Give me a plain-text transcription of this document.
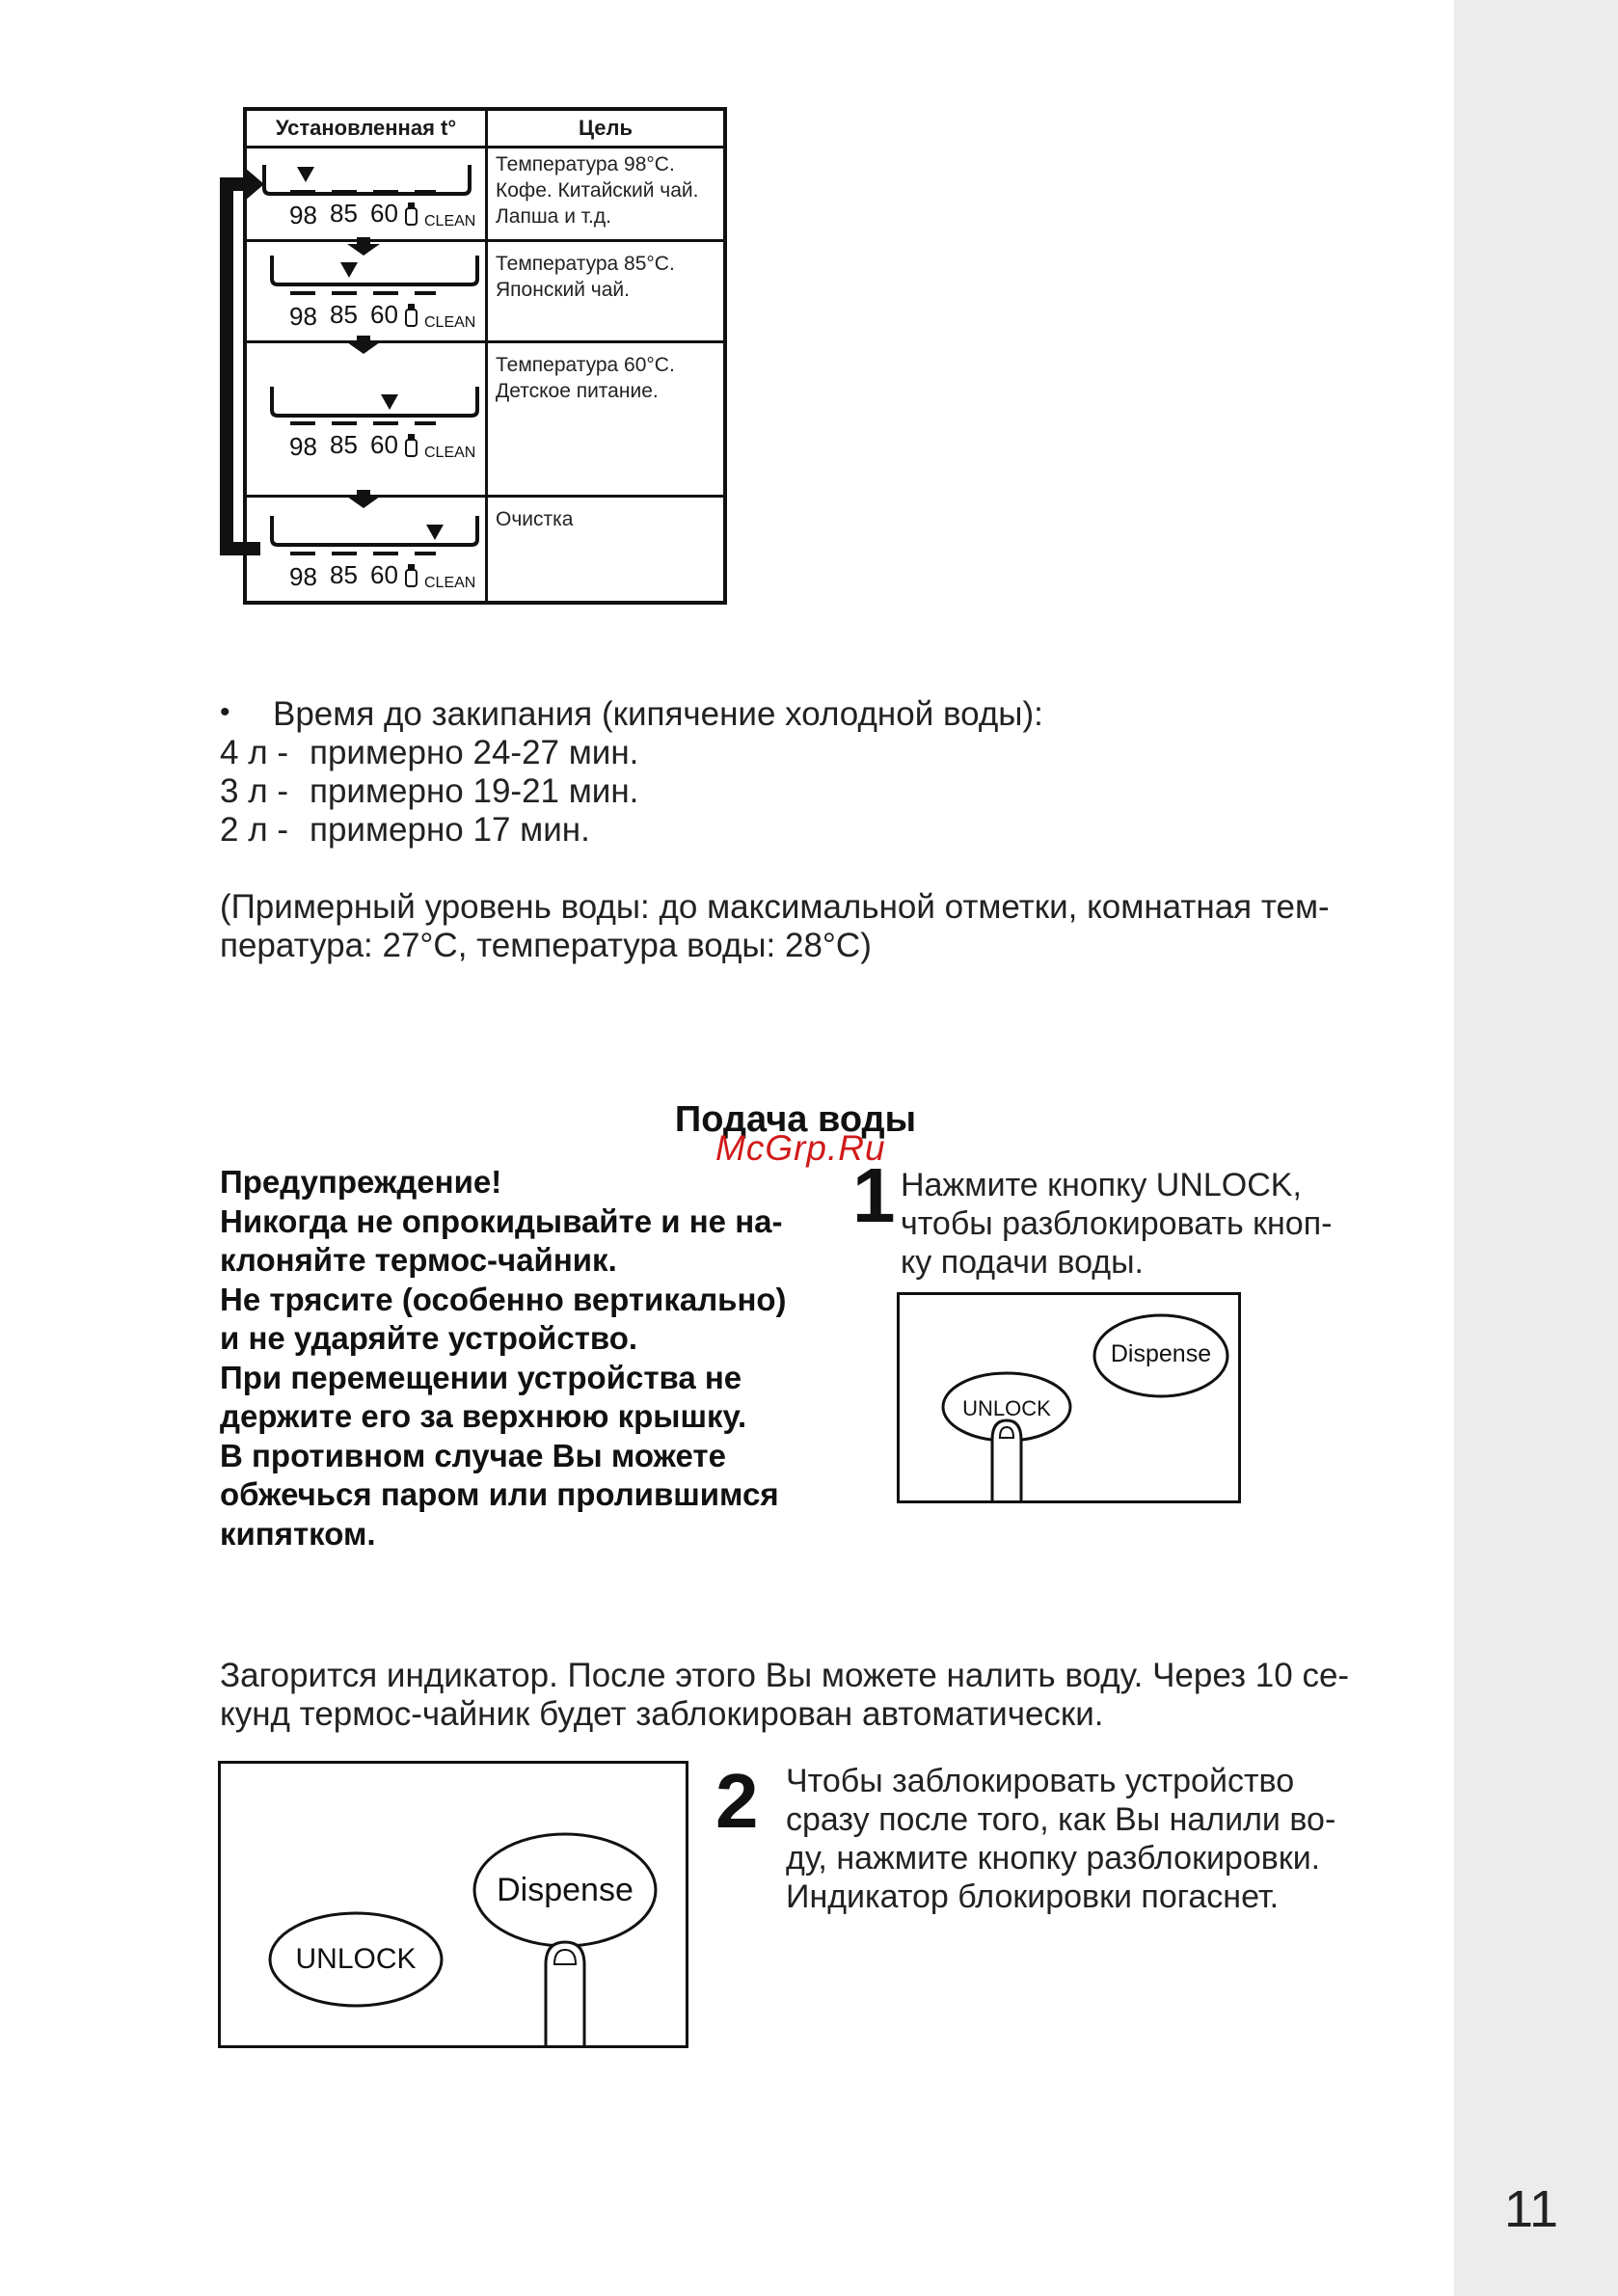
Установленная t°	Цель
Температура 98°С.
Кофе. Китайский чай.
Лапша и т.д.
Температура 85°С.
Японский чай.
Температура 60°С.
Детское питание.
Очистка
98 85 60 CLEAN
98 85 60 CLEAN
98 85 60 CLEAN
98 85 60 CLEAN
• Время до закипания (кипячение холодной воды):
4 л - примерно 24-27 мин.
3 л - примерно 19-21 мин.
2 л - примерно 17 мин.
(Примерный уровень воды: до максимальной отметки, комнатная тем-
пература: 27°С, температура воды: 28°С)
Подача воды
McGrp.Ru
Предупреждение!
Никогда не опрокидывайте и не на-
клоняйте термос-чайник.
Не трясите (особенно вертикально)
и не ударяйте устройство.
При перемещении устройства не
держите его за верхнюю крышку.
В противном случае Вы можете
обжечься паром или пролившимся
кипятком.
1 Нажмите кнопку UNLOCK,
чтобы разблокировать кноп-
ку подачи воды.
Dispense
UNLOCK
Загорится индикатор. После этого Вы можете налить воду. Через 10 се-
кунд термос-чайник будет заблокирован автоматически.
Dispense
UNLOCK
2 Чтобы заблокировать устройство
сразу после того, как Вы налили во-
ду, нажмите кнопку разблокировки.
Индикатор блокировки погаснет.
11
